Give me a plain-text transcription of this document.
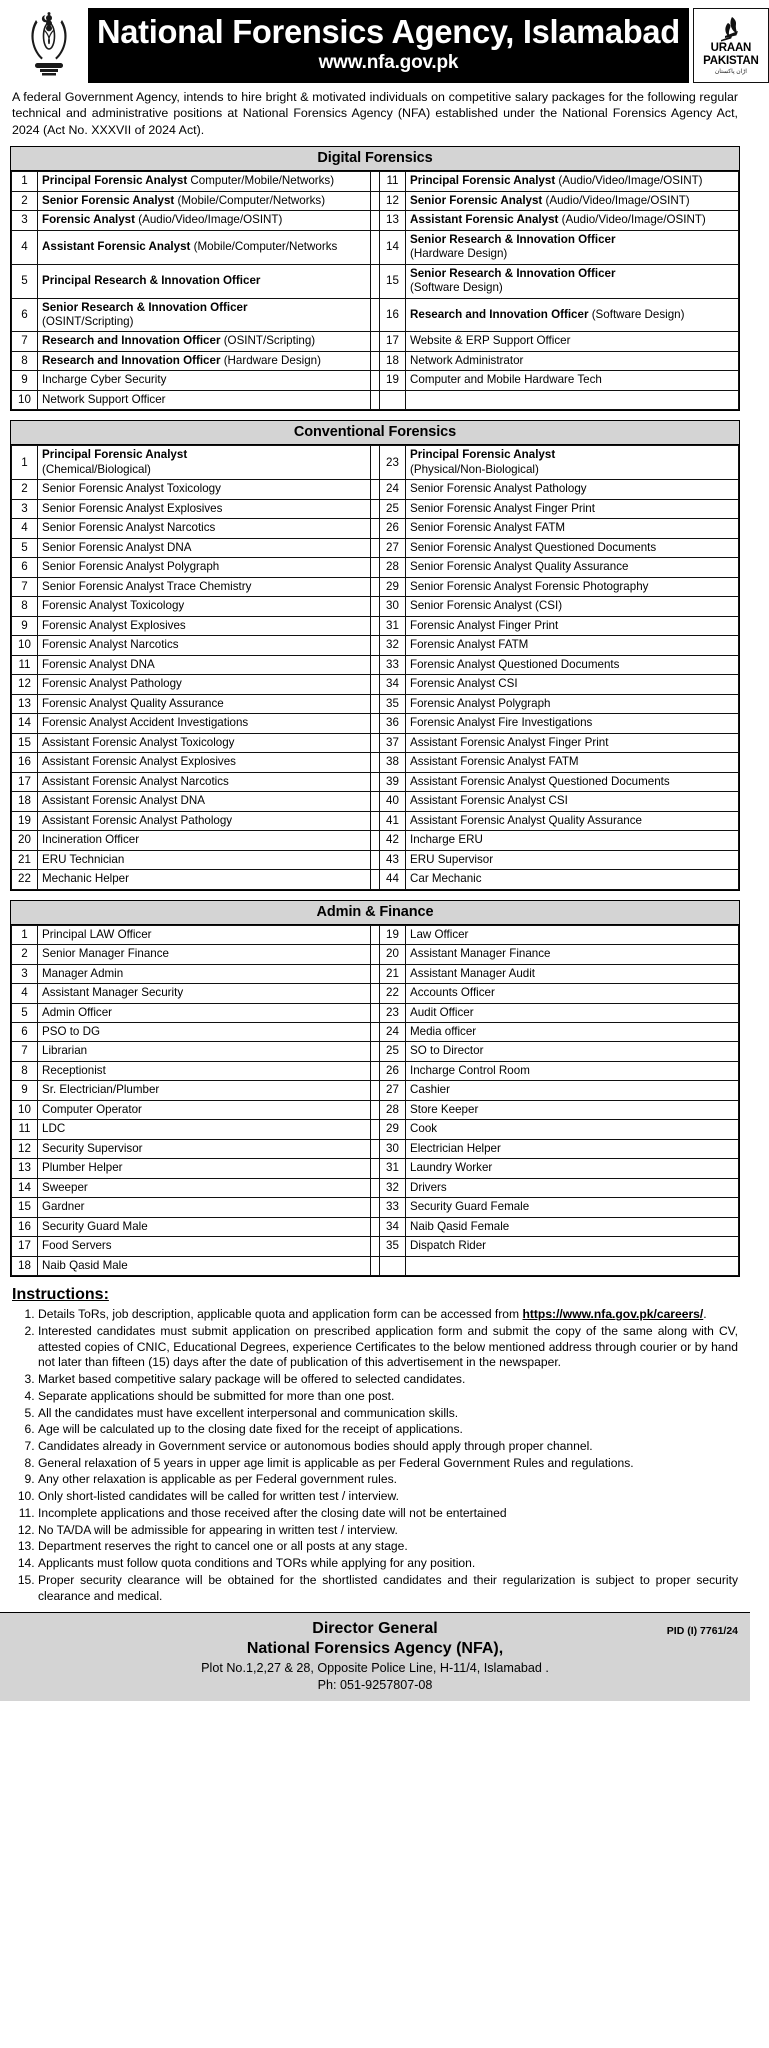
National Forensics Agency, Islamabad
www.nfa.gov.pk
URAAN
PAKISTAN
اڑان پاکستان
A federal Government Agency, intends to hire bright & motivated individuals on competitive salary packages for the following regular technical and administrative positions at National Forensics Agency (NFA) established under the National Forensics Agency Act, 2024 (Act No. XXXVII of 2024 Act).
Digital Forensics
1	Principal Forensic Analyst Computer/Mobile/Networks)		11	Principal Forensic Analyst (Audio/Video/Image/OSINT)
2	Senior Forensic Analyst (Mobile/Computer/Networks)		12	Senior Forensic Analyst (Audio/Video/Image/OSINT)
3	Forensic Analyst (Audio/Video/Image/OSINT)		13	Assistant Forensic Analyst (Audio/Video/Image/OSINT)
4	Assistant Forensic Analyst (Mobile/Computer/Networks		14	Senior Research & Innovation Officer
(Hardware Design)
5	Principal Research & Innovation Officer		15	Senior Research & Innovation Officer
(Software Design)
6	Senior Research & Innovation Officer
(OSINT/Scripting)		16	Research and Innovation Officer (Software Design)
7	Research and Innovation Officer (OSINT/Scripting)		17	Website & ERP Support Officer
8	Research and Innovation Officer (Hardware Design)		18	Network Administrator
9	Incharge Cyber Security		19	Computer and Mobile Hardware Tech
10	Network Support Officer			
Conventional Forensics
1	Principal Forensic Analyst
(Chemical/Biological)		23	Principal Forensic Analyst
(Physical/Non-Biological)
2	Senior Forensic Analyst Toxicology		24	Senior Forensic Analyst Pathology
3	Senior Forensic Analyst Explosives		25	Senior Forensic Analyst Finger Print
4	Senior Forensic Analyst Narcotics		26	Senior Forensic Analyst FATM
5	Senior Forensic Analyst DNA		27	Senior Forensic Analyst Questioned Documents
6	Senior Forensic Analyst Polygraph		28	Senior Forensic Analyst Quality Assurance
7	Senior Forensic Analyst Trace Chemistry		29	Senior Forensic Analyst Forensic Photography
8	Forensic Analyst Toxicology		30	Senior Forensic Analyst (CSI)
9	Forensic Analyst Explosives		31	Forensic Analyst Finger Print
10	Forensic Analyst Narcotics		32	Forensic Analyst FATM
11	Forensic Analyst DNA		33	Forensic Analyst Questioned Documents
12	Forensic Analyst Pathology		34	Forensic Analyst CSI
13	Forensic Analyst Quality Assurance		35	Forensic Analyst Polygraph
14	Forensic Analyst Accident Investigations		36	Forensic Analyst Fire Investigations
15	Assistant Forensic Analyst Toxicology		37	Assistant Forensic Analyst Finger Print
16	Assistant Forensic Analyst Explosives		38	Assistant Forensic Analyst FATM
17	Assistant Forensic Analyst Narcotics		39	Assistant Forensic Analyst Questioned Documents
18	Assistant Forensic Analyst DNA		40	Assistant Forensic Analyst CSI
19	Assistant Forensic Analyst Pathology		41	Assistant Forensic Analyst Quality Assurance
20	Incineration Officer		42	Incharge ERU
21	ERU Technician		43	ERU Supervisor
22	Mechanic Helper		44	Car Mechanic
Admin & Finance
1	Principal LAW Officer		19	Law Officer
2	Senior Manager Finance		20	Assistant Manager Finance
3	Manager Admin		21	Assistant Manager Audit
4	Assistant Manager Security		22	Accounts Officer
5	Admin Officer		23	Audit Officer
6	PSO to DG		24	Media officer
7	Librarian		25	SO to Director
8	Receptionist		26	Incharge Control Room
9	Sr. Electrician/Plumber		27	Cashier
10	Computer Operator		28	Store Keeper
11	LDC		29	Cook
12	Security Supervisor		30	Electrician Helper
13	Plumber Helper		31	Laundry Worker
14	Sweeper		32	Drivers
15	Gardner		33	Security Guard Female
16	Security Guard Male		34	Naib Qasid Female
17	Food Servers		35	Dispatch Rider
18	Naib Qasid Male			
Instructions:
1. Details ToRs, job description, applicable quota and application form can be accessed from https://www.nfa.gov.pk/careers/.
2. Interested candidates must submit application on prescribed application form and submit the copy of the same along with CV, attested copies of CNIC, Educational Degrees, experience Certificates to the below mentioned address through courier or by hand not later than fifteen (15) days after the date of publication of this advertisement in the newspaper.
3. Market based competitive salary package will be offered to selected candidates.
4. Separate applications should be submitted for more than one post.
5. All the candidates must have excellent interpersonal and communication skills.
6. Age will be calculated up to the closing date fixed for the receipt of applications.
7. Candidates already in Government service or autonomous bodies should apply through proper channel.
8. General relaxation of 5 years in upper age limit is applicable as per Federal Government Rules and regulations.
9. Any other relaxation is applicable as per Federal government rules.
10. Only short-listed candidates will be called for written test / interview.
11. Incomplete applications and those received after the closing date will not be entertained
12. No TA/DA will be admissible for appearing in written test / interview.
13. Department reserves the right to cancel one or all posts at any stage.
14. Applicants must follow quota conditions and TORs while applying for any position.
15. Proper security clearance will be obtained for the shortlisted candidates and their regularization is subject to proper security clearance and medical.
PID (I) 7761/24
Director General
National Forensics Agency (NFA),
Plot No.1,2,27 & 28, Opposite Police Line, H-11/4, Islamabad .
Ph: 051-9257807-08
